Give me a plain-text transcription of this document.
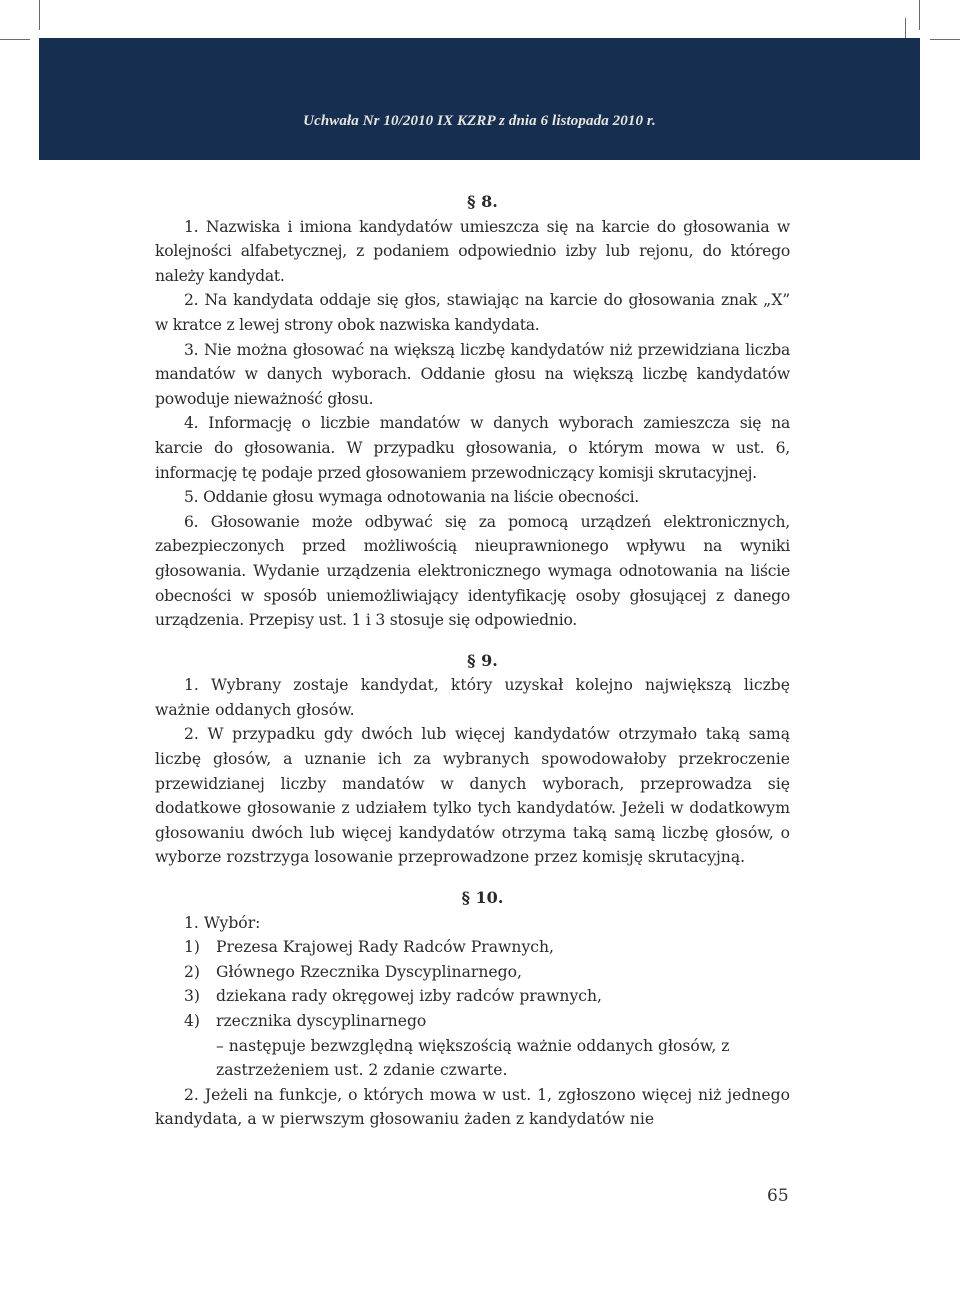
Uchwała Nr 10/2010 IX KZRP z dnia 6 listopada 2010 r.

§ 8.

1. Nazwiska i imiona kandydatów umieszcza się na karcie do głosowania w kolejności alfabetycznej, z podaniem odpowiednio izby lub rejonu, do którego należy kandydat.

2. Na kandydata oddaje się głos, stawiając na karcie do głosowania znak „X” w kratce z lewej strony obok nazwiska kandydata.

3. Nie można głosować na większą liczbę kandydatów niż przewidziana liczba mandatów w danych wyborach. Oddanie głosu na większą liczbę kandydatów powoduje nieważność głosu.

4. Informację o liczbie mandatów w danych wyborach zamieszcza się na karcie do głosowania. W przypadku głosowania, o którym mowa w ust. 6, informację tę podaje przed głosowaniem przewodniczący komisji skrutacyjnej.

5. Oddanie głosu wymaga odnotowania na liście obecności.

6. Głosowanie może odbywać się za pomocą urządzeń elektronicznych, zabezpieczonych przed możliwością nieuprawnionego wpływu na wyniki głosowania. Wydanie urządzenia elektronicznego wymaga odnotowania na liście obecności w sposób uniemożliwiający identyfikację osoby głosującej z danego urządzenia. Przepisy ust. 1 i 3 stosuje się odpowiednio.

§ 9.

1. Wybrany zostaje kandydat, który uzyskał kolejno największą liczbę ważnie oddanych głosów.

2. W przypadku gdy dwóch lub więcej kandydatów otrzymało taką samą liczbę głosów, a uznanie ich za wybranych spowodowałoby przekroczenie przewidzianej liczby mandatów w danych wyborach, przeprowadza się dodatkowe głosowanie z udziałem tylko tych kandydatów. Jeżeli w dodatkowym głosowaniu dwóch lub więcej kandydatów otrzyma taką samą liczbę głosów, o wyborze rozstrzyga losowanie przeprowadzone przez komisję skrutacyjną.

§ 10.

1. Wybór:

1)	Prezesa Krajowej Rady Radców Prawnych,
2)	Głównego Rzecznika Dyscyplinarnego,
3)	dziekana rady okręgowej izby radców prawnych,
4)	rzecznika dyscyplinarnego

– następuje bezwzględną większością ważnie oddanych głosów, z zastrzeżeniem ust. 2 zdanie czwarte.

2. Jeżeli na funkcje, o których mowa w ust. 1, zgłoszono więcej niż jednego kandydata, a w pierwszym głosowaniu żaden z kandydatów nie

65
